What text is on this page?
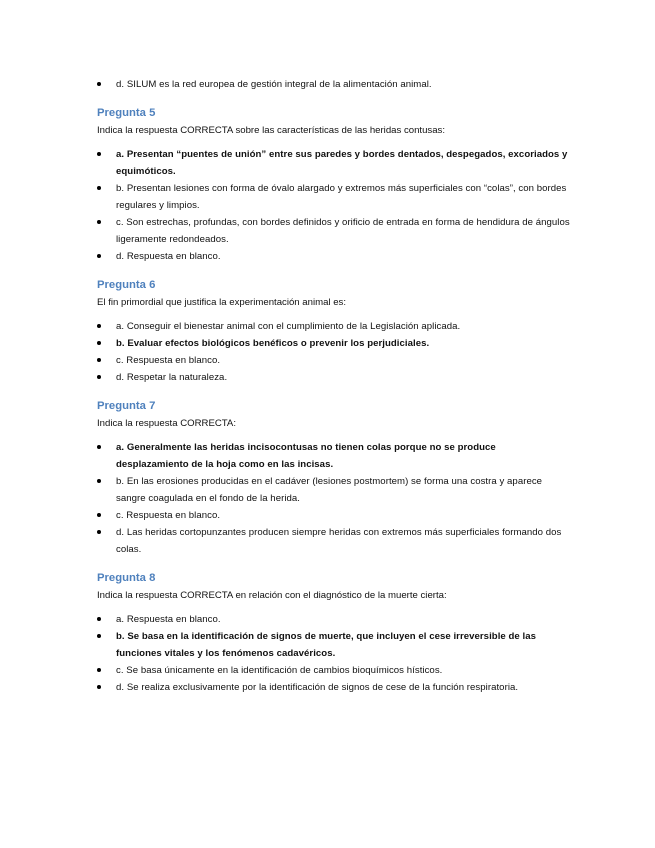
d. SILUM es la red europea de gestión integral de la alimentación animal.

Pregunta 5

Indica la respuesta CORRECTA sobre las características de las heridas contusas:

a. Presentan “puentes de unión” entre sus paredes y bordes dentados, despegados, excoriados y equimóticos.
b. Presentan lesiones con forma de óvalo alargado y extremos más superficiales con “colas”, con bordes regulares y limpios.
c. Son estrechas, profundas, con bordes definidos y orificio de entrada en forma de hendidura de ángulos ligeramente redondeados.
d. Respuesta en blanco.

Pregunta 6

El fin primordial que justifica la experimentación animal es:

a. Conseguir el bienestar animal con el cumplimiento de la Legislación aplicada.
b. Evaluar efectos biológicos benéficos o prevenir los perjudiciales.
c. Respuesta en blanco.
d. Respetar la naturaleza.

Pregunta 7

Indica la respuesta CORRECTA:

a. Generalmente las heridas incisocontusas no tienen colas porque no se produce desplazamiento de la hoja como en las incisas.
b. En las erosiones producidas en el cadáver (lesiones postmortem) se forma una costra y aparece sangre coagulada en el fondo de la herida.
c. Respuesta en blanco.
d. Las heridas cortopunzantes producen siempre heridas con extremos más superficiales formando dos colas.

Pregunta 8

Indica la respuesta CORRECTA en relación con el diagnóstico de la muerte cierta:

a. Respuesta en blanco.
b. Se basa en la identificación de signos de muerte, que incluyen el cese irreversible de las funciones vitales y los fenómenos cadavéricos.
c. Se basa únicamente en la identificación de cambios bioquímicos hísticos.
d. Se realiza exclusivamente por la identificación de signos de cese de la función respiratoria.
